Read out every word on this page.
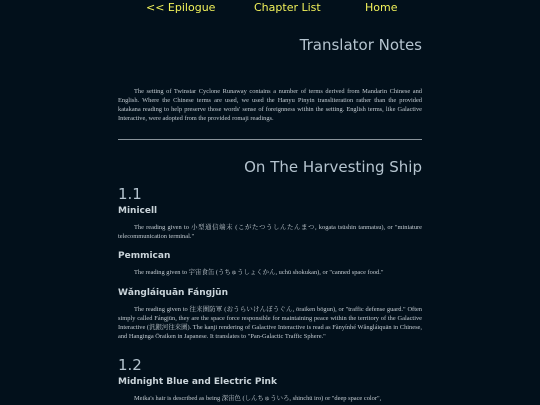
<< Epilogue	Chapter List	Home
Translator Notes

The setting of Twinstar Cyclone Runaway contains a number of terms derived from Mandarin Chinese and English. Where the Chinese terms are used, we used the Hanyu Pinyin transliteration rather than the provided katakana reading to help preserve those words' sense of foreignness within the setting. English terms, like Galactive Interactive, were adopted from the provided romaji readings.

On The Harvesting Ship
1.1
Minicell

The reading given to 小型通信端末 (こがたつうしんたんまつ, kogata tsūshin tanmatsu), or "miniature telecommunication terminal."

Pemmican

The reading given to 宇宙食缶 (うちゅうしょくかん, uchū shokukan), or "canned space food."

Wǎngláiquān Fángjūn

The reading given to 往来圏防軍 (おうらいけんぼうぐん, ōraiken bōgun), or "traffic defense guard." Often simply called Fángjūn, they are the space force responsible for maintaining peace within the territory of the Galactive Interactive (汎銀河往来圏). The kanji rendering of Galactive Interactive is read as Fànyínhé Wǎngláiquān in Chinese, and Hanginga Ōraiken in Japanese. It translates to "Pan-Galactic Traffic Sphere."

1.2
Midnight Blue and Electric Pink

Meika's hair is described as being 深宙色 (しんちゅういろ, shinchū iro) or "deep space color",
